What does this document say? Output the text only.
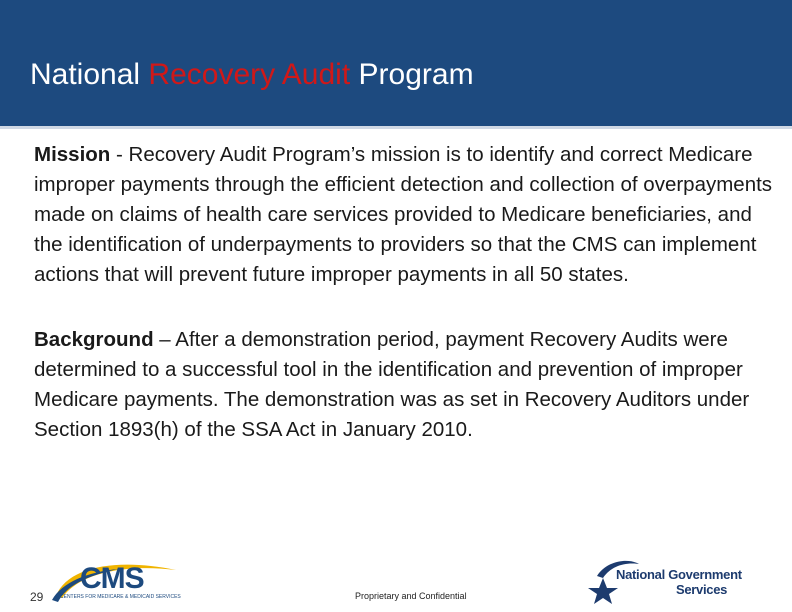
National Recovery Audit Program
Mission - Recovery Audit Program’s mission is to identify and correct Medicare improper payments through the efficient detection and collection of overpayments made on claims of health care services provided to Medicare beneficiaries, and the identification of underpayments to providers so that the CMS can implement actions that will prevent future improper payments in all 50 states.
Background – After a demonstration period, payment Recovery Audits were determined to a successful tool in the identification and prevention of improper Medicare payments. The demonstration was as set in Recovery Auditors under Section 1893(h) of the SSA Act in January 2010.
CMS
CENTERS FOR MEDICARE & MEDICAID SERVICES
National Government
Services
29	Proprietary and Confidential
